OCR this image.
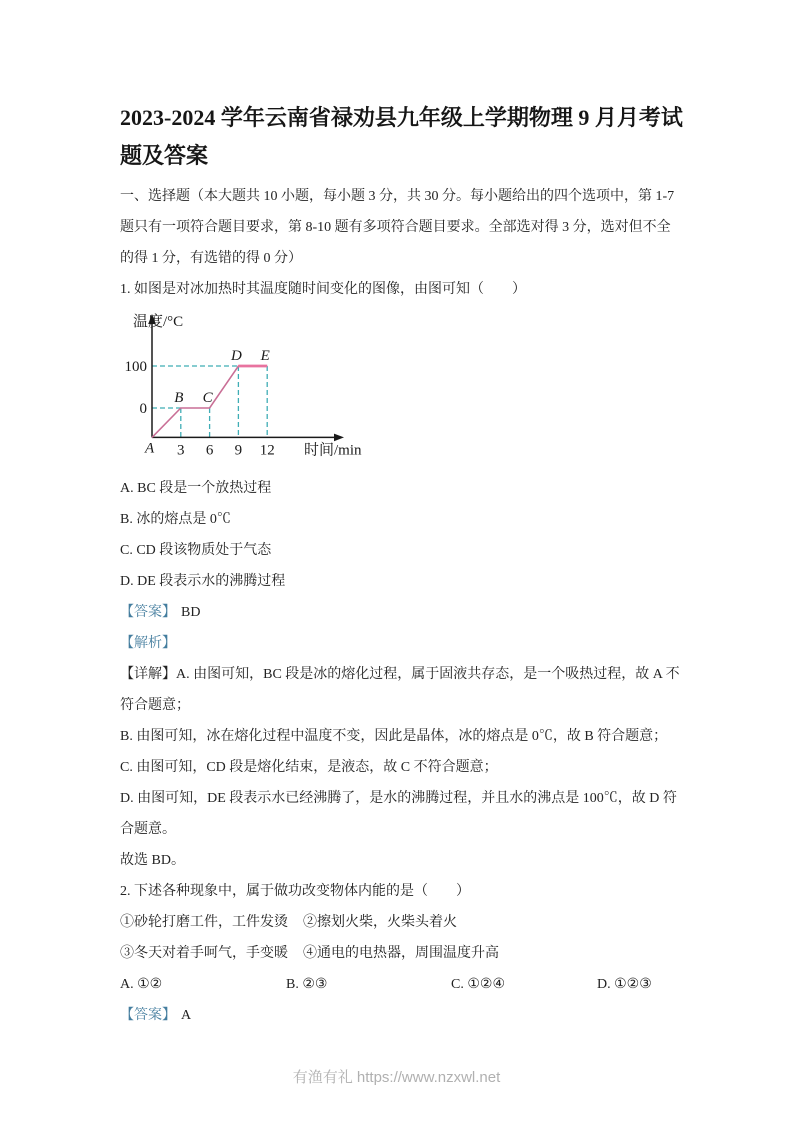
2023-2024 学年云南省禄劝县九年级上学期物理 9 月月考试
题及答案
一、选择题（本大题共 10 小题，每小题 3 分，共 30 分。每小题给出的四个选项中，第 1-7
题只有一项符合题目要求，第 8-10 题有多项符合题目要求。全部选对得 3 分，选对但不全
的得 1 分，有选错的得 0 分）
1. 如图是对冰加热时其温度随时间变化的图像，由图可知（　　）
温度/°C
时间/min
0
100
3 6 9 12
A
B C
D E
A. BC 段是一个放热过程
B. 冰的熔点是 0℃
C. CD 段该物质处于气态
D. DE 段表示水的沸腾过程
【答案】 BD
【解析】
【详解】A. 由图可知，BC 段是冰的熔化过程，属于固液共存态，是一个吸热过程，故 A 不
符合题意；
B. 由图可知，冰在熔化过程中温度不变，因此是晶体，冰的熔点是 0℃，故 B 符合题意；
C. 由图可知，CD 段是熔化结束，是液态，故 C 不符合题意；
D. 由图可知，DE 段表示水已经沸腾了，是水的沸腾过程，并且水的沸点是 100℃，故 D 符
合题意。
故选 BD。
2. 下述各种现象中，属于做功改变物体内能的是（　　）
①砂轮打磨工件，工件发烫 ②擦划火柴，火柴头着火
③冬天对着手呵气，手变暖 ④通电的电热器，周围温度升高
A. ①②	B. ②③	C. ①②④	D. ①②③
【答案】 A
有渔有礼 https://www.nzxwl.net
